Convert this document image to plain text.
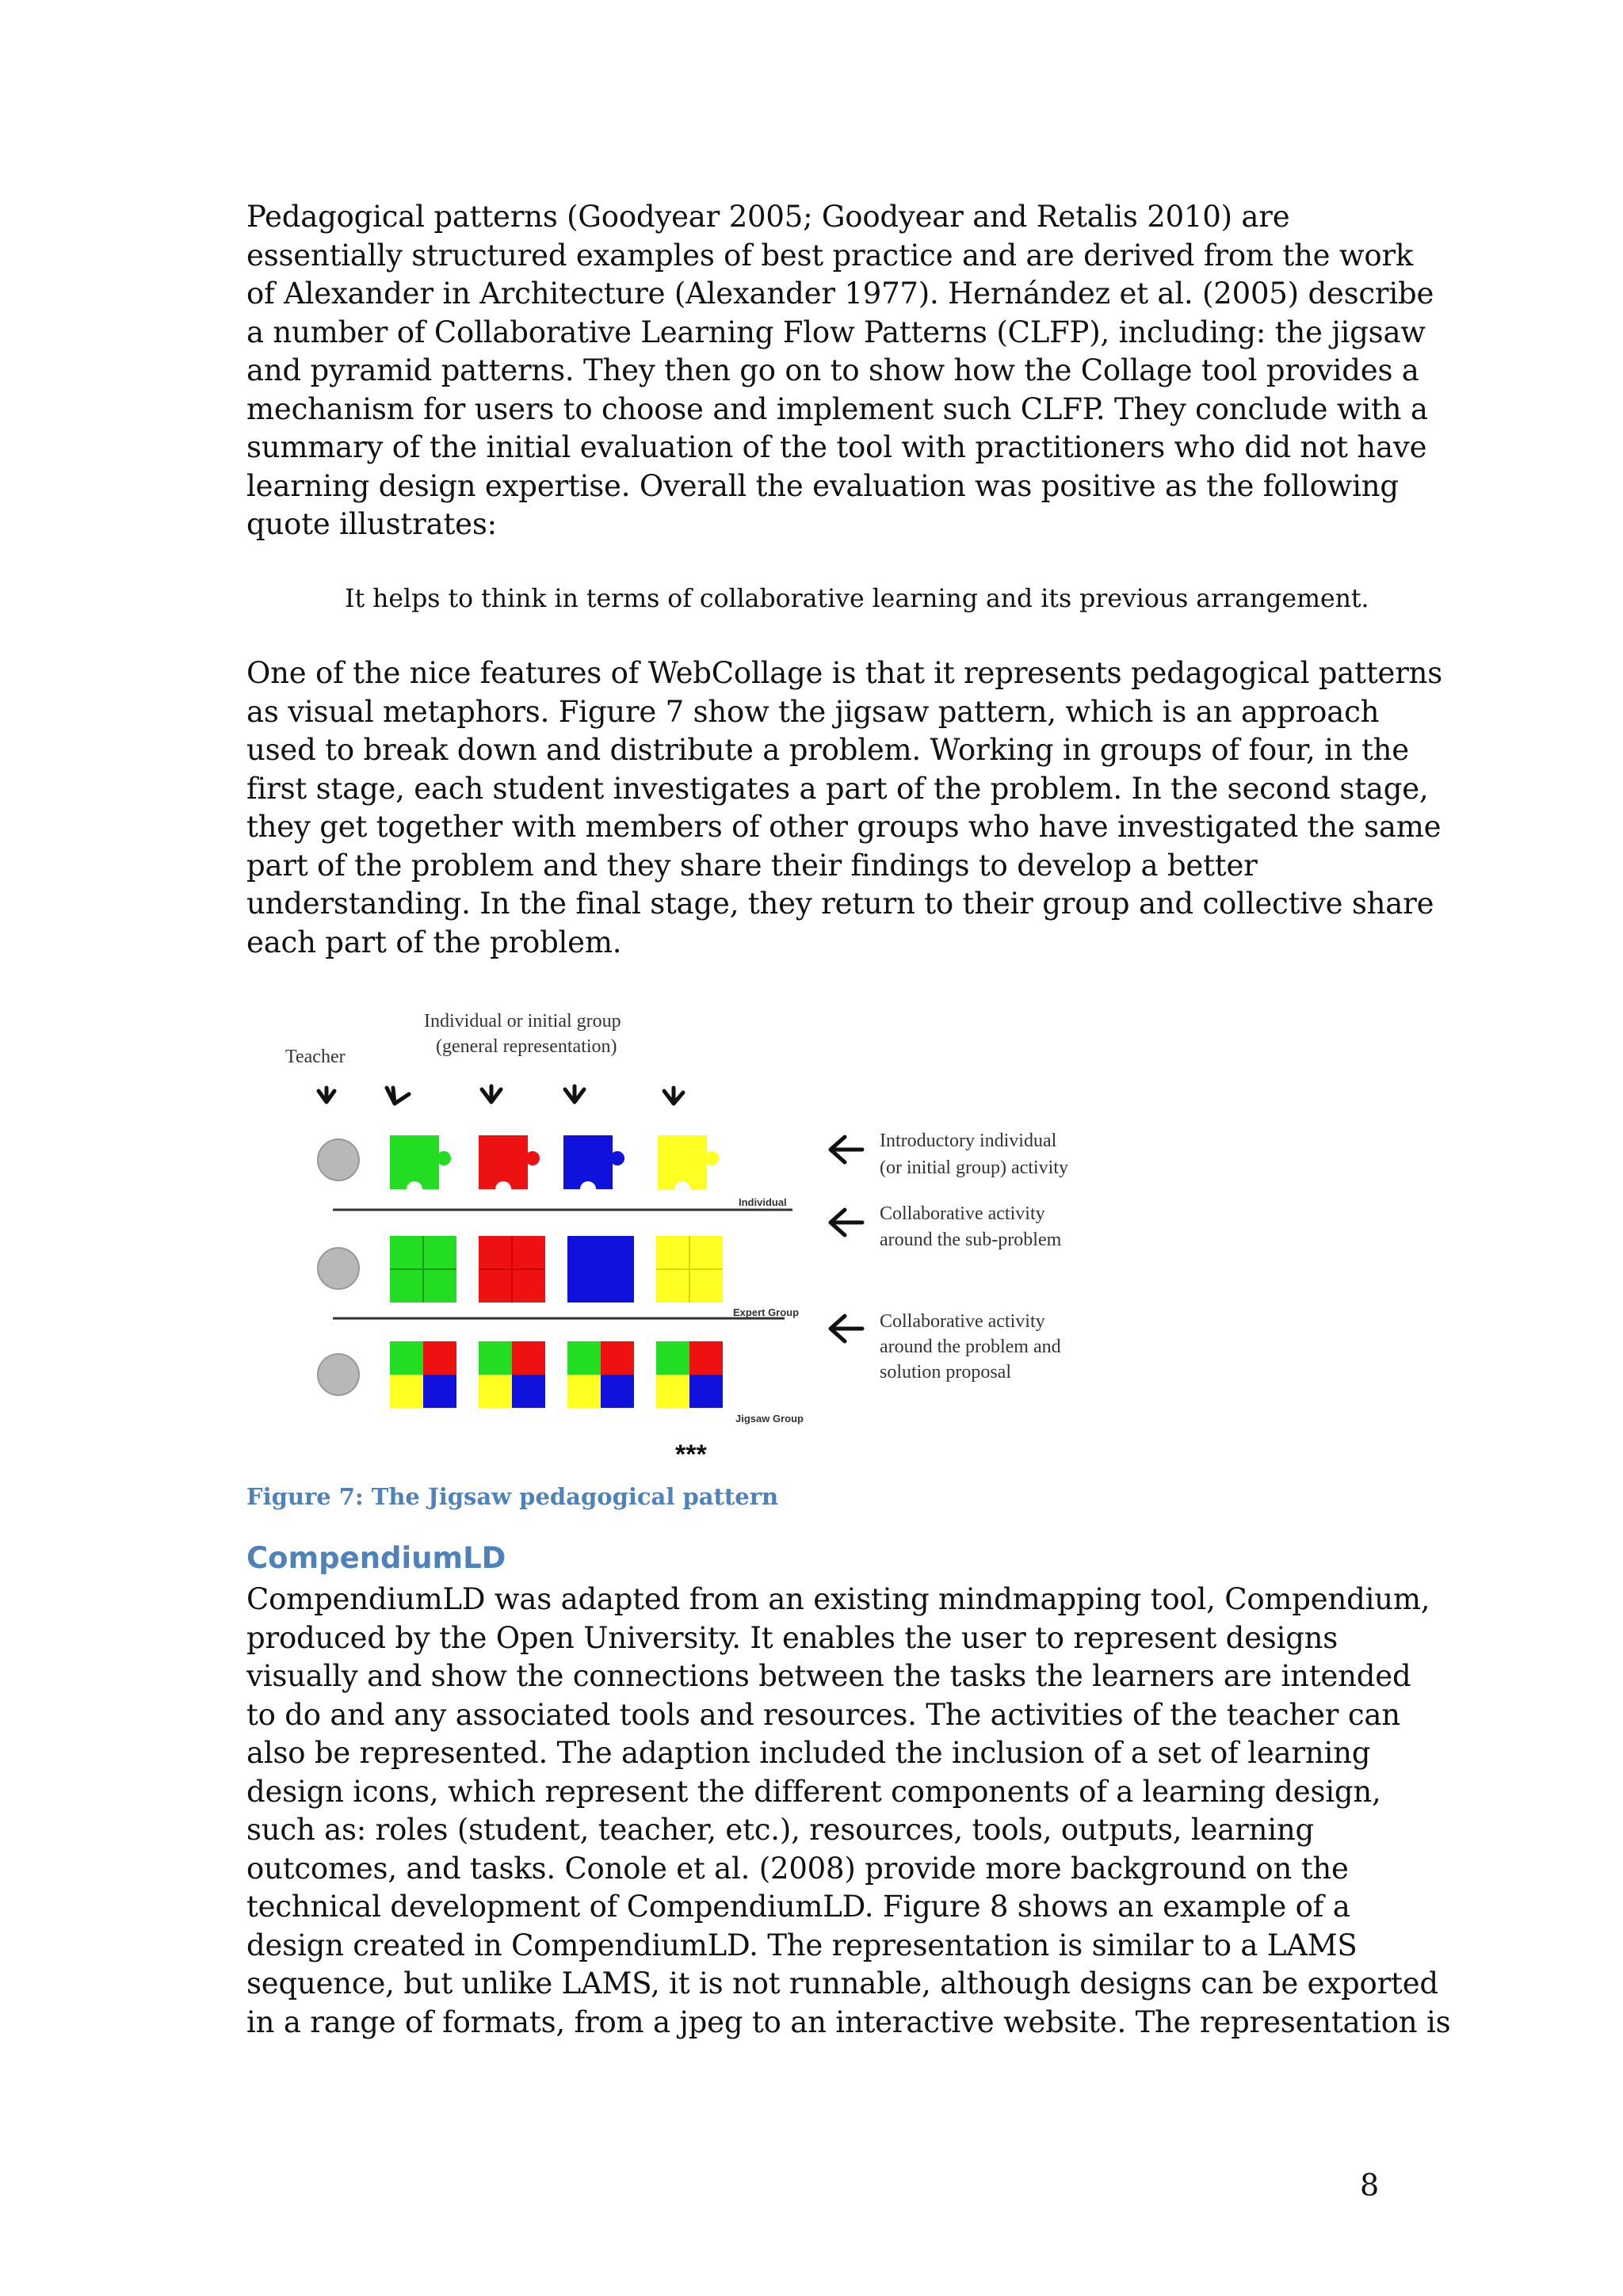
Pedagogical patterns (Goodyear 2005; Goodyear and Retalis 2010) are
essentially structured examples of best practice and are derived from the work
of Alexander in Architecture (Alexander 1977). Hernández et al. (2005) describe
a number of Collaborative Learning Flow Patterns (CLFP), including: the jigsaw
and pyramid patterns. They then go on to show how the Collage tool provides a
mechanism for users to choose and implement such CLFP. They conclude with a
summary of the initial evaluation of the tool with practitioners who did not have
learning design expertise. Overall the evaluation was positive as the following
quote illustrates:

It helps to think in terms of collaborative learning and its previous arrangement.

One of the nice features of WebCollage is that it represents pedagogical patterns
as visual metaphors. Figure 7 show the jigsaw pattern, which is an approach
used to break down and distribute a problem. Working in groups of four, in the
first stage, each student investigates a part of the problem. In the second stage,
they get together with members of other groups who have investigated the same
part of the problem and they share their findings to develop a better
understanding. In the final stage, they return to their group and collective share
each part of the problem.
Teacher
Individual or initial group
(general representation)
Individual
Expert Group
Jigsaw Group
Introductory individual
(or initial group) activity
Collaborative activity
around the sub-problem
Collaborative activity
around the problem and
solution proposal
***

Figure 7: The Jigsaw pedagogical pattern

CompendiumLD
CompendiumLD was adapted from an existing mindmapping tool, Compendium,
produced by the Open University. It enables the user to represent designs
visually and show the connections between the tasks the learners are intended
to do and any associated tools and resources. The activities of the teacher can
also be represented. The adaption included the inclusion of a set of learning
design icons, which represent the different components of a learning design,
such as: roles (student, teacher, etc.), resources, tools, outputs, learning
outcomes, and tasks. Conole et al. (2008) provide more background on the
technical development of CompendiumLD. Figure 8 shows an example of a
design created in CompendiumLD. The representation is similar to a LAMS
sequence, but unlike LAMS, it is not runnable, although designs can be exported
in a range of formats, from a jpeg to an interactive website. The representation is

8
